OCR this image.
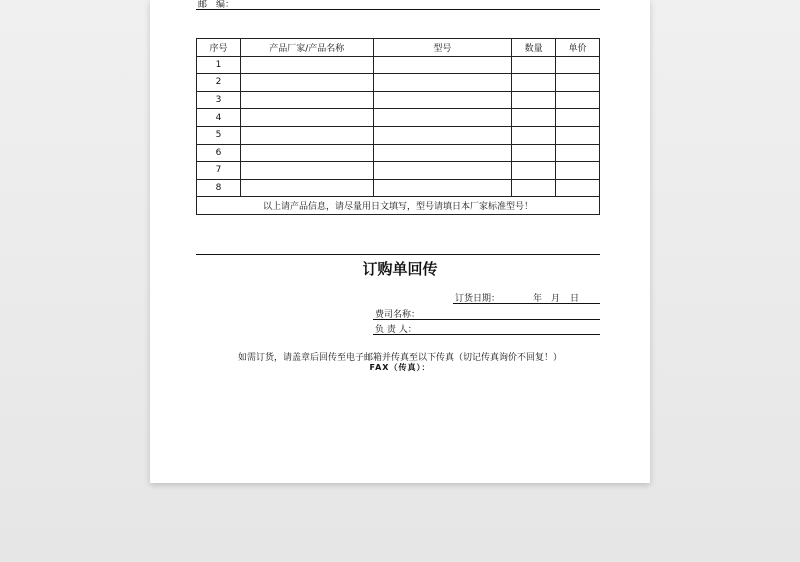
邮　编：
序号	产品厂家/产品名称	型号	数量	单价
1				
2				
3				
4				
5				
6				
7				
8				
以上请产品信息，请尽量用日文填写，型号请填日本厂家标准型号！				
订购单回传
订货日期：	年 月 日
费司名称：
负 责 人：
如需订货，请盖章后回传至电子邮箱并传真至以下传真（切记传真询价不回复！）
FAX（传真）：
